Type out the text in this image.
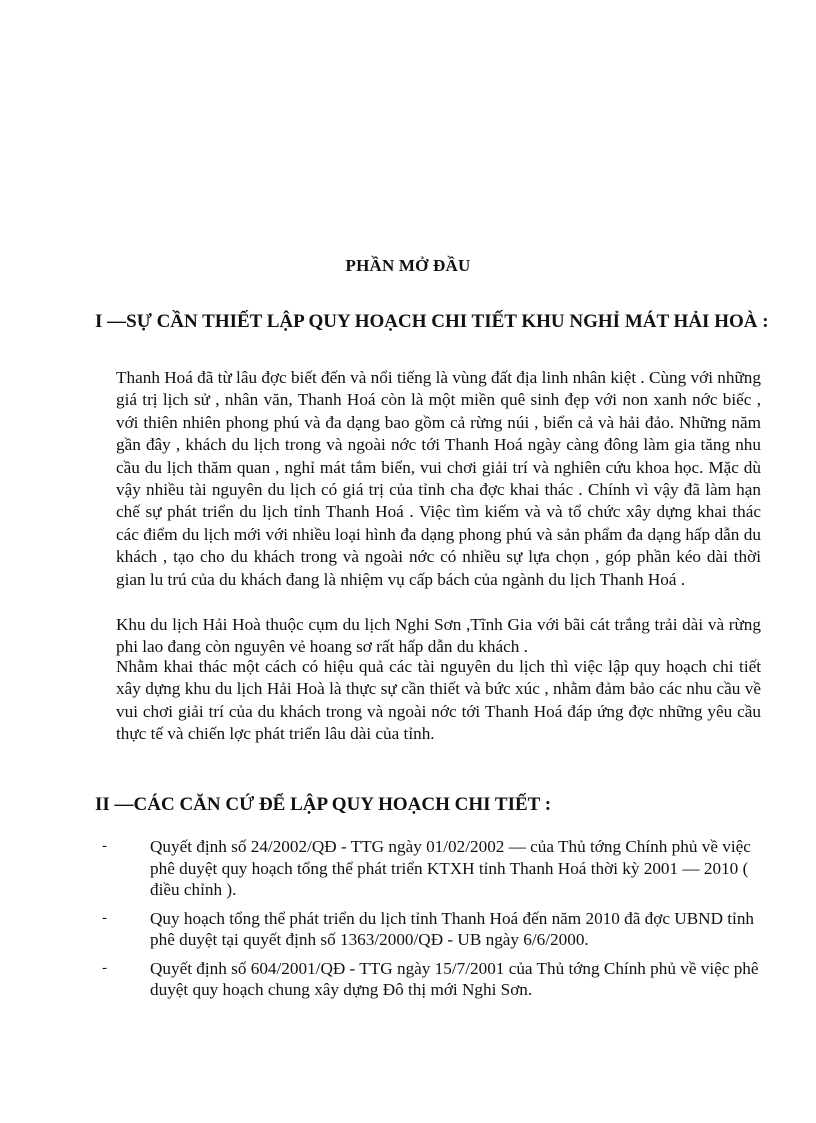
PHẦN MỞ ĐẦU
I —SỰ CẦN THIẾT LẬP QUY HOẠCH CHI TIẾT KHU NGHỈ MÁT HẢI HOÀ :

Thanh Hoá đã từ lâu đợc biết đến và nổi tiếng là vùng đất địa linh nhân kiệt . Cùng với những giá trị lịch sử , nhân văn, Thanh Hoá còn là một miền quê sinh đẹp với non xanh nớc biếc , với thiên nhiên phong phú và đa dạng bao gồm cả rừng núi , biển cả và hải đảo. Những năm gần đây , khách du lịch trong và ngoài nớc tới Thanh Hoá ngày càng đông làm gia tăng nhu cầu du lịch thăm quan , nghỉ mát tắm biển, vui chơi giải trí và nghiên cứu khoa học. Mặc dù vậy nhiều tài nguyên du lịch có giá trị của tỉnh cha đợc khai thác . Chính vì vậy đã làm hạn chế sự phát triển du lịch tỉnh Thanh Hoá . Việc tìm kiếm và và tổ chức xây dựng khai thác các điểm du lịch mới với nhiều loại hình đa dạng phong phú và sản phẩm đa dạng hấp dẫn du khách , tạo cho du khách trong và ngoài nớc có nhiều sự lựa chọn , góp phần kéo dài thời gian lu trú của du khách đang là nhiệm vụ cấp bách của ngành du lịch Thanh Hoá .

Khu du lịch Hải Hoà thuộc cụm du lịch Nghi Sơn ,Tĩnh Gia với bãi cát trắng trải dài và rừng phi lao đang còn nguyên vẻ hoang sơ rất hấp dẫn du khách .

Nhằm khai thác một cách có hiệu quả các tài nguyên du lịch thì việc lập quy hoạch chi tiết xây dựng khu du lịch Hải Hoà là thực sự cần thiết và bức xúc , nhằm đảm bảo các nhu cầu về vui chơi giải trí của du khách trong và ngoài nớc tới Thanh Hoá đáp ứng đợc những yêu cầu thực tế và chiến lợc phát triển lâu dài của tỉnh.

II —CÁC CĂN CỨ ĐỂ LẬP QUY HOẠCH CHI TIẾT :
-	Quyết định số 24/2002/QĐ - TTG ngày 01/02/2002 — của Thủ tớng Chính phủ về việc phê duyệt quy hoạch tổng thể phát triển KTXH tỉnh Thanh Hoá thời kỳ 2001 — 2010 ( điều chỉnh ).
-	Quy hoạch tổng thể phát triển du lịch tỉnh Thanh Hoá đến năm 2010 đã đợc UBND tỉnh phê duyệt tại quyết định số 1363/2000/QĐ - UB ngày 6/6/2000.
-	Quyết định số 604/2001/QĐ - TTG ngày 15/7/2001 của Thủ tớng Chính phủ về việc phê duyệt quy hoạch chung xây dựng Đô thị mới Nghi Sơn.
